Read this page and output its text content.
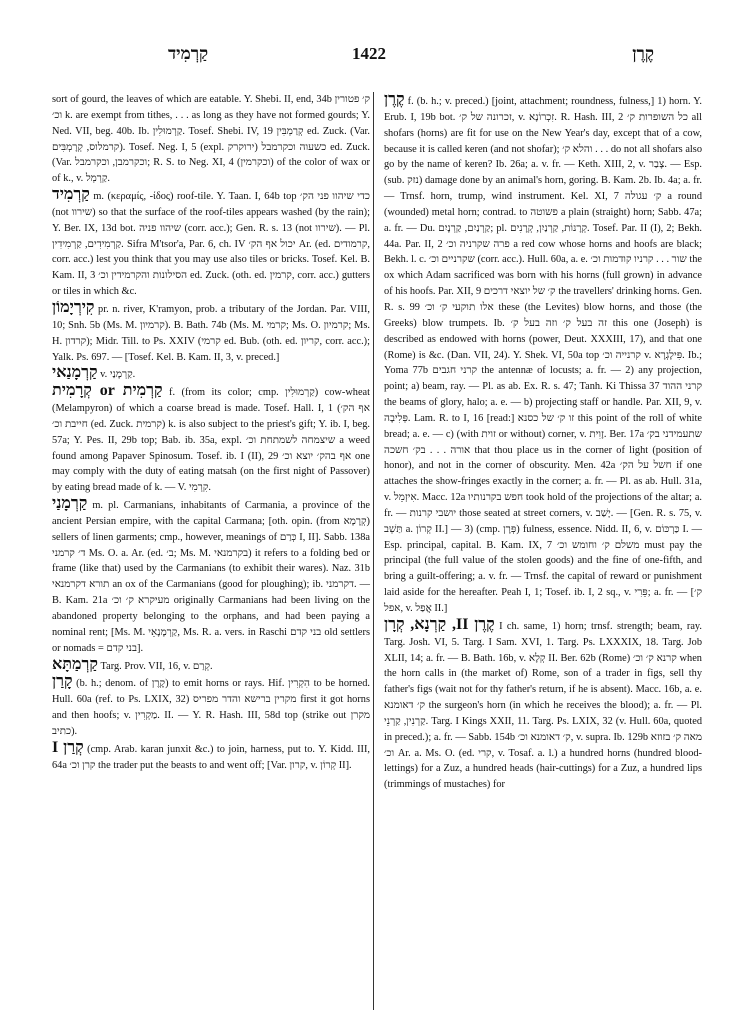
קַרְמִיד	1422	קֶרֶן

sort of gourd, the leaves of which are eatable. Y. Shebi. II, end, 34b ק׳ פטורין וכ׳ k. are exempt from tithes, . . . as long as they have not formed gourds; Y. Ned. VII, beg. 40b. Ib. קַרְמוּלִין. Tosef. Shebi. IV, 19 קְרַמְבִּין ed. Zuck. (Var. קרמלוס, קְרָמְבִּים). Tosef. Neg. I, 5 (expl. ירוקרק) כשעוה וכקרמבל ed. Zuck. (Var. וכקרמבן, וכקרמבל; R. S. to Neg. XI, 4 (וכקרמין) of the color of wax or of k., v. קַרְמְל.

קַרְמִיד m. (κεραμίς, -ίδος) roof-tile. Y. Taan. I, 64b top כדי שיהוו פני הק׳ (not שירוו) so that the surface of the roof-tiles appears washed (by the rain); Y. Ber. IX, 13d bot. שיהוו פניה (corr. acc.); Gen. R. s. 13 (not שירוו). — Pl. קַרְמִידִים, קַרְמִידִין. Sifra M'tsor'a, Par. 6, ch. IV יכול אף הק׳ Ar. (ed. קרמודים, corr. acc.) lest you think that you may use also tiles or bricks. Tosef. Kel. B. Kam. II, 3 הסילונות והקרמידין וכ׳ ed. Zuck. (oth. ed. קרמין, corr. acc.) gutters or tiles in which &c.

קִירְיָמוֹן pr. n. river, K'ramyon, prob. a tributary of the Jordan. Par. VIII, 10; Snh. 5b (Ms. M. קרמיון). B. Bath. 74b (Ms. M. קרמי; Ms. O. קרמיון; Ms. H. קרדון); Midr. Till. to Ps. XXIV (קרמי ed. Bub. (oth. ed. קריון, corr. acc.); Yalk. Ps. 697. — [Tosef. Kel. B. Kam. II, 3, v. preced.]

קַרְמָנַאי v. קַרְמָנַי.

קַרְמִית or קְרָמִית f. (from its color; cmp. קַרְמוּלִין) cow-wheat (Melampyron) of which a coarse bread is made. Tosef. Hall. I, 1 (אף הק׳ חייבת וכ׳ (ed. Zuck. קרמית) k. is also subject to the priest's gift; Y. ib. I, beg. 57a; Y. Pes. II, 29b top; Bab. ib. 35a, expl. שיצמחה לשמתחת וכ׳ a weed found among Papaver Spinosum. Tosef. ib. I (II), 29 אף בהק׳ יוצא וכ׳ one may comply with the duty of eating matsah (on the first night of Passover) by eating bread made of k. — V. קִרְמִי.

קַרְמָנַי m. pl. Carmanians, inhabitants of Carmania, a province of the ancient Persian empire, with the capital Carmana; [oth. opin. (from קְרָמָא) sellers of linen garments; cmp., however, meanings of כְּרַם I, II]. Sabb. 138a ד׳ קרמני Ms. O. a. Ar. (ed. ב׳; Ms. M. בקרמנאי) it refers to a folding bed or frame (like that) used by the Carmanians (to exhibit their wares). Naz. 31b תורא דקרמנאי an ox of the Carmanians (good for ploughing); ib. דקרמני. — B. Kam. 21a מעיקרא ק׳ וכ׳ originally Carmanians had been living on the abandoned property belonging to the orphans, and had been paying a nominal rent; [Ms. M. קַרְמָנָאֵי, Ms. R. a. vers. in Raschi בני קדם old settlers or nomads = בני קדם].

קַרְמַתָּא Targ. Prov. VII, 16, v. קְרַם.

קָרַן (b. h.; denom. of קֶרֶן) to emit horns or rays. Hif. הִקְרִין to be horned. Hull. 60a (ref. to Ps. LXIX, 32) מקרין ברישא והדר מפריס first it got horns and then hoofs; v. מַקְרִין. II. — Y. R. Hash. III, 58d top (strike out מקרן כתיב).

קְרַן I (cmp. Arab. karan junxit &c.) to join, harness, put to. Y. Kidd. III, 64a קרן וכ׳ the trader put the beasts to and went off; [Var. קרון, v. קְרוֹן II].

קֶרֶן f. (b. h.; v. preced.) [joint, attachment; roundness, fulness,] 1) horn. Y. Erub. I, 19b bot. זכרונה של ק׳, v. זִכְרוֹנָא. R. Hash. III, 2 כל השופרות ק׳ all shofars (horns) are fit for use on the New Year's day, except that of a cow, because it is called keren (and not shofar); והלא ק׳ . . . do not all shofars also go by the name of keren? Ib. 26a; a. v. fr. — Keth. XIII, 2, v. צָבַר. — Esp. (sub. נזק) damage done by an animal's horn, goring. B. Kam. 2b. Ib. 4a; a. fr. — Trnsf. horn, trump, wind instrument. Kel. XI, 7 ק׳ עגולה a round (wounded) metal horn; contrad. to פשוטה a plain (straight) horn; Sabb. 47a; a. fr. — Du. קַרְנַיִם, קַרְנָיִם; pl. קְרָנוֹת, קַרְנַיִן, קְרָנִים. Tosef. Par. II (I), 2; Bekh. 44a. Par. II, 2 פרה שקרניה וכ׳ a red cow whose horns and hoofs are black; Bekh. l. c. שקרניים וכ׳ (corr. acc.). Hull. 60a, a. e. שור . . . קרניו קודמות וכ׳ the ox which Adam sacrificed was born with his horns (full grown) in advance of his hoofs. Par. XII, 9 ק׳ של יוצאי דרכים the travellers' drinking horns. Gen. R. s. 99 אלו תוקעי ק׳ וכ׳ these (the Levites) blow horns, and those (the Greeks) blow trumpets. Ib. זה בעל ק׳ וזה בעל ק׳ this one (Joseph) is described as endowed with horns (power, Deut. XXXIII, 17), and that one (Rome) is &c. (Dan. VII, 24). Y. Shek. VI, 50a top קרנייה וכ׳ v. פִּילָגְרָא. Ib.; Yoma 77b קרני חגבים the antennæ of locusts; a. fr. — 2) any projection, point; a) beam, ray. — Pl. as ab. Ex. R. s. 47; Tanh. Ki Thissa 37 קרני ההוד the beams of glory, halo; a. e. — b) projecting staff or handle. Par. XII, 9, v. פְּלִיבָה. Lam. R. to I, 16 [read:] זו ק׳ של כסנא this point of the roll of white bread; a. e. — c) (with זוית or without) corner, v. זָוִית. Ber. 17a שתעמידני בק׳ אורה . . . בק׳ חשכה that thou place us in the corner of light (position of honor), and not in the corner of obscurity. Men. 42a חשל על הק׳ if one attaches the show-fringes exactly in the corner; a. fr. — Pl. as ab. Hull. 31a, v. אִיזְמֵל. Macc. 12a חפש בקרנותיו took hold of the projections of the altar; a. fr. — יושבי קרנות those seated at street corners, v. יָשַׁב. — [Gen. R. s. 75, v. תַּשְׁב a. קְרוֹן II.] — 3) (cmp. פְּרָן) fulness, essence. Nidd. II, 6, v. כַּרְכּוֹם I. — Esp. principal, capital. B. Kam. IX, 7 משלם ק׳ וחומש וכ׳ must pay the principal (the full value of the stolen goods) and the fine of one-fifth, and bring a guilt-offering; a. v. fr. — Trnsf. the capital of reward or punishment laid aside for the hereafter. Peah I, 1; Tosef. ib. I, 2 sq., v. פֵּרִי; a. fr. — [ק׳ אפל, v. אֲפַל II.]

קֶרֶן II, קַרְנָא, קְרָן I ch. same, 1) horn; trnsf. strength; beam, ray. Targ. Josh. VI, 5. Targ. I Sam. XVI, 1. Targ. Ps. LXXXIX, 18. Targ. Job XLII, 14; a. fr. — B. Bath. 16b, v. קְלָא II. Ber. 62b (Rome) קרנא ק׳ וכ׳ when the horn calls in (the market of) Rome, son of a trader in figs, sell thy father's figs (wait not for thy father's return, if he is absent). Macc. 16b, a. e. ק׳ דאומנא the surgeon's horn (in which he receives the blood); a. fr. — Pl. קַרְנִין, קַרְנֵי. Targ. I Kings XXII, 11. Targ. Ps. LXIX, 32 (v. Hull. 60a, quoted in preced.); a. fr. — Sabb. 154b ק׳ דאומנא וכ׳, v. supra. Ib. 129b מאה ק׳ בזוזא וכ׳ Ar. a. Ms. O. (ed. קרי, v. Tosaf. a. l.) a hundred horns (hundred blood-lettings) for a Zuz, a hundred heads (hair-cuttings) for a Zuz, a hundred lips (trimmings of mustaches) for
